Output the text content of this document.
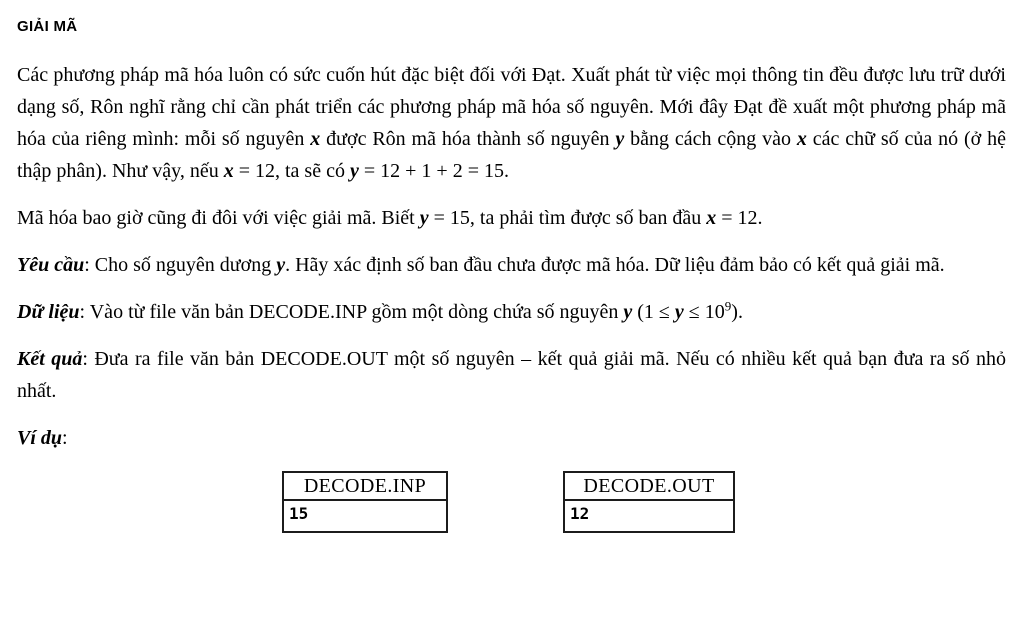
GIẢI MÃ

Các phương pháp mã hóa luôn có sức cuốn hút đặc biệt đối với Đạt. Xuất phát từ việc mọi thông tin đều được lưu trữ dưới dạng số, Rôn nghĩ rằng chỉ cần phát triển các phương pháp mã hóa số nguyên. Mới đây Đạt đề xuất một phương pháp mã hóa của riêng mình: mỗi số nguyên x được Rôn mã hóa thành số nguyên y bằng cách cộng vào x các chữ số của nó (ở hệ thập phân). Như vậy, nếu x = 12, ta sẽ có y = 12 + 1 + 2 = 15.

Mã hóa bao giờ cũng đi đôi với việc giải mã. Biết y = 15, ta phải tìm được số ban đầu x = 12.

Yêu cầu: Cho số nguyên dương y. Hãy xác định số ban đầu chưa được mã hóa. Dữ liệu đảm bảo có kết quả giải mã.

Dữ liệu: Vào từ file văn bản DECODE.INP gồm một dòng chứa số nguyên y $(1 \le y \le 10^9)$.

Kết quả: Đưa ra file văn bản DECODE.OUT một số nguyên – kết quả giải mã. Nếu có nhiều kết quả bạn đưa ra số nhỏ nhất.

Ví dụ:

DECODE.INP
15
DECODE.OUT
12
